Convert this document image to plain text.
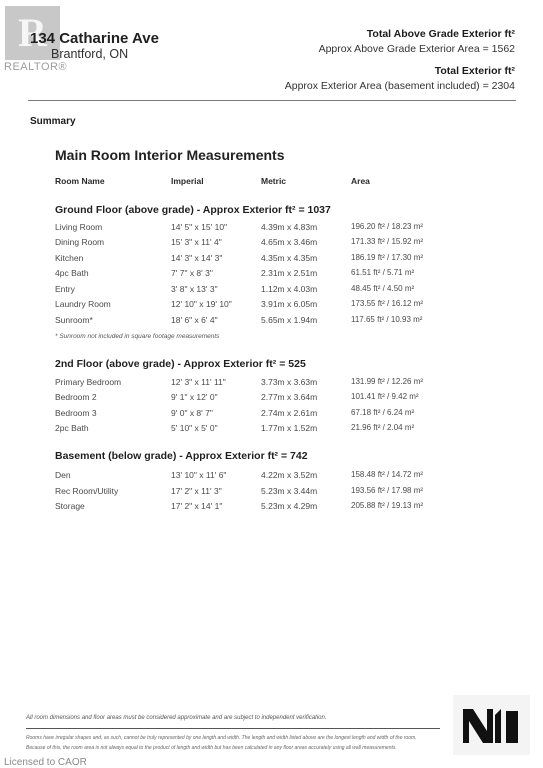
R
REALTOR®
134 Catharine Ave
Brantford, ON
Total Above Grade Exterior ft²
Approx Above Grade Exterior Area = 1562
Total Exterior ft²
Approx Exterior Area (basement included) = 2304
Summary
Main Room Interior Measurements
Room Name	Imperial	Metric	Area
Ground Floor (above grade) - Approx Exterior ft² = 1037
Living Room	14' 5" x 15' 10"	4.39m x 4.83m	196.20 ft² / 18.23 m²
Dining Room	15' 3" x 11' 4"	4.65m x 3.46m	171.33 ft² / 15.92 m²
Kitchen	14' 3" x 14' 3"	4.35m x 4.35m	186.19 ft² / 17.30 m²
4pc Bath	7' 7" x 8' 3"	2.31m x 2.51m	61.51 ft² / 5.71 m²
Entry	3' 8" x 13' 3"	1.12m x 4.03m	48.45 ft² / 4.50 m²
Laundry Room	12' 10" x 19' 10"	3.91m x 6.05m	173.55 ft² / 16.12 m²
Sunroom*	18' 6" x 6' 4"	5.65m x 1.94m	117.65 ft² / 10.93 m²
* Sunroom not included in square footage measurements
2nd Floor (above grade) - Approx Exterior ft² = 525
Primary Bedroom	12' 3" x 11' 11"	3.73m x 3.63m	131.99 ft² / 12.26 m²
Bedroom 2	9' 1" x 12' 0"	2.77m x 3.64m	101.41 ft² / 9.42 m²
Bedroom 3	9' 0" x 8' 7"	2.74m x 2.61m	67.18 ft² / 6.24 m²
2pc Bath	5' 10" x 5' 0"	1.77m x 1.52m	21.96 ft² / 2.04 m²
Basement (below grade) - Approx Exterior ft² = 742
Den	13' 10" x 11' 6"	4.22m x 3.52m	158.48 ft² / 14.72 m²
Rec Room/Utility	17' 2" x 11' 3"	5.23m x 3.44m	193.56 ft² / 17.98 m²
Storage	17' 2" x 14' 1"	5.23m x 4.29m	205.88 ft² / 19.13 m²
All room dimensions and floor areas must be considered approximate and are subject to independent verification.
Rooms have irregular shapes and, as such, cannot be truly represented by one length and width. The length and width listed above are the longest length and width of the room.
Because of this, the room area is not always equal to the product of length and width but has been calculated in any floor areas accurately using all wall measurements.
Licensed to CAOR
